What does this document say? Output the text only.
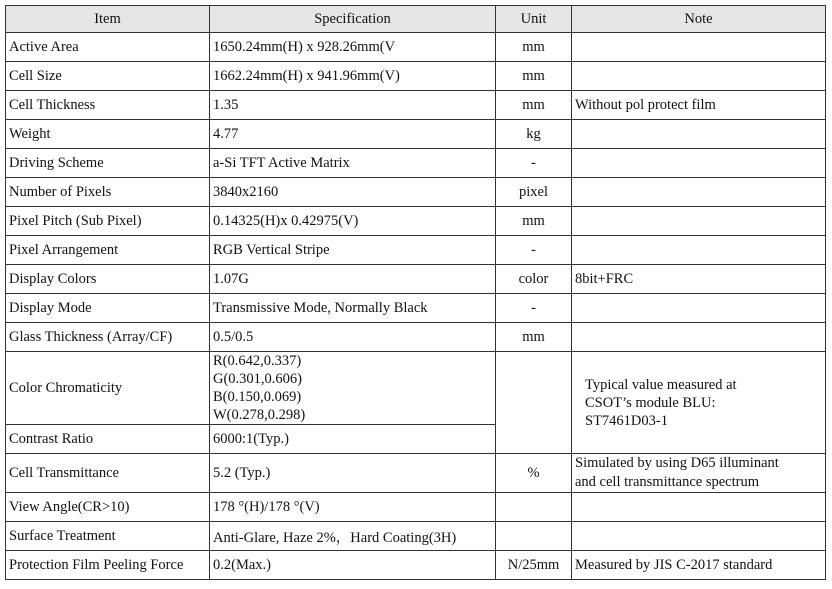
Item	Specification	Unit	Note
Active Area	1650.24mm(H) x 928.26mm(V	mm	
Cell Size	1662.24mm(H) x 941.96mm(V)	mm	
Cell Thickness	1.35	mm	Without pol protect film
Weight	4.77	kg	
Driving Scheme	a-Si TFT Active Matrix	-	
Number of Pixels	3840x2160	pixel	
Pixel Pitch (Sub Pixel)	0.14325(H)x 0.42975(V)	mm	
Pixel Arrangement	RGB Vertical Stripe	-	
Display Colors	1.07G	color	8bit+FRC
Display Mode	Transmissive Mode, Normally Black	-	
Glass Thickness (Array/CF)	0.5/0.5	mm	
Color Chromaticity	R(0.642,0.337)
G(0.301,0.606)
B(0.150,0.069)
W(0.278,0.298)		Typical value measured at
CSOT’s module BLU:
ST7461D03-1

Contrast Ratio	6000:1(Typ.)		
Cell Transmittance	5.2 (Typ.)	%	Simulated by using D65 illuminant
and cell transmittance spectrum

View Angle(CR>10)	178 °(H)/178 °(V)		
Surface Treatment	Anti-Glare, Haze 2%，Hard Coating(3H)		
Protection Film Peeling Force	0.2(Max.)	N/25mm	Measured by JIS C-2017 standard
